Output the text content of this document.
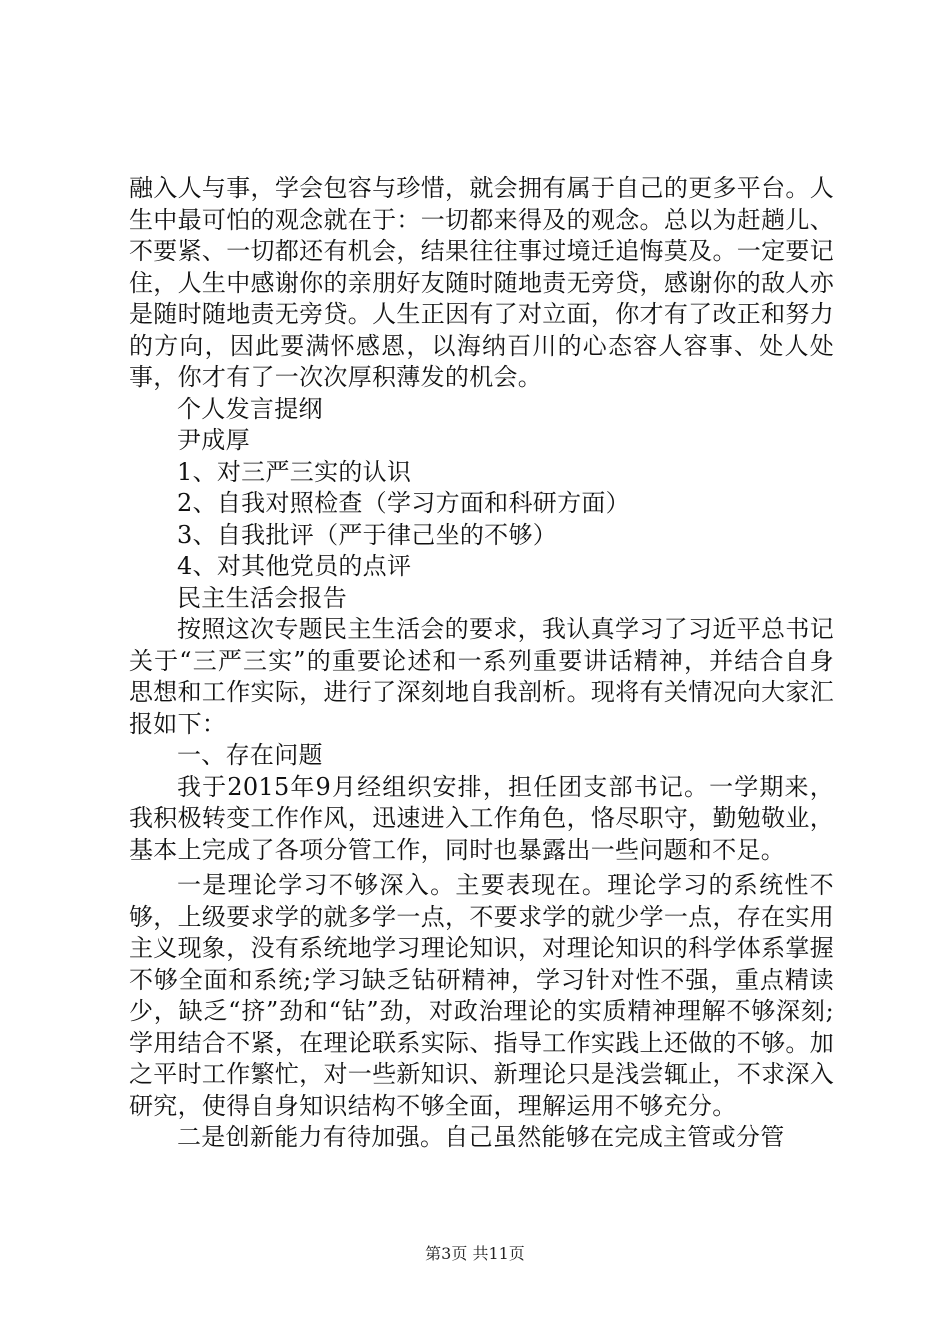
融入人与事，学会包容与珍惜，就会拥有属于自己的更多平台。人生中最可怕的观念就在于：一切都来得及的观念。总以为赶趟儿、不要紧、一切都还有机会，结果往往事过境迁追悔莫及。一定要记住，人生中感谢你的亲朋好友随时随地责无旁贷，感谢你的敌人亦是随时随地责无旁贷。人生正因有了对立面，你才有了改正和努力的方向，因此要满怀感恩，以海纳百川的心态容人容事、处人处事，你才有了一次次厚积薄发的机会。

个人发言提纲

尹成厚

1、对三严三实的认识

2、自我对照检查（学习方面和科研方面）

3、自我批评（严于律己坐的不够）

4、对其他党员的点评

民主生活会报告

按照这次专题民主生活会的要求，我认真学习了习近平总书记关于“三严三实”的重要论述和一系列重要讲话精神，并结合自身思想和工作实际，进行了深刻地自我剖析。现将有关情况向大家汇报如下：

一、存在问题

我于2015年9月经组织安排，担任团支部书记。一学期来，我积极转变工作作风，迅速进入工作角色，恪尽职守，勤勉敬业，基本上完成了各项分管工作，同时也暴露出一些问题和不足。

一是理论学习不够深入。主要表现在。理论学习的系统性不够，上级要求学的就多学一点，不要求学的就少学一点，存在实用主义现象，没有系统地学习理论知识，对理论知识的科学体系掌握不够全面和系统;学习缺乏钻研精神，学习针对性不强，重点精读少，缺乏“挤”劲和“钻”劲，对政治理论的实质精神理解不够深刻;学用结合不紧，在理论联系实际、指导工作实践上还做的不够。加之平时工作繁忙，对一些新知识、新理论只是浅尝辄止，不求深入研究，使得自身知识结构不够全面，理解运用不够充分。

二是创新能力有待加强。自己虽然能够在完成主管或分管

第3页 共11页
